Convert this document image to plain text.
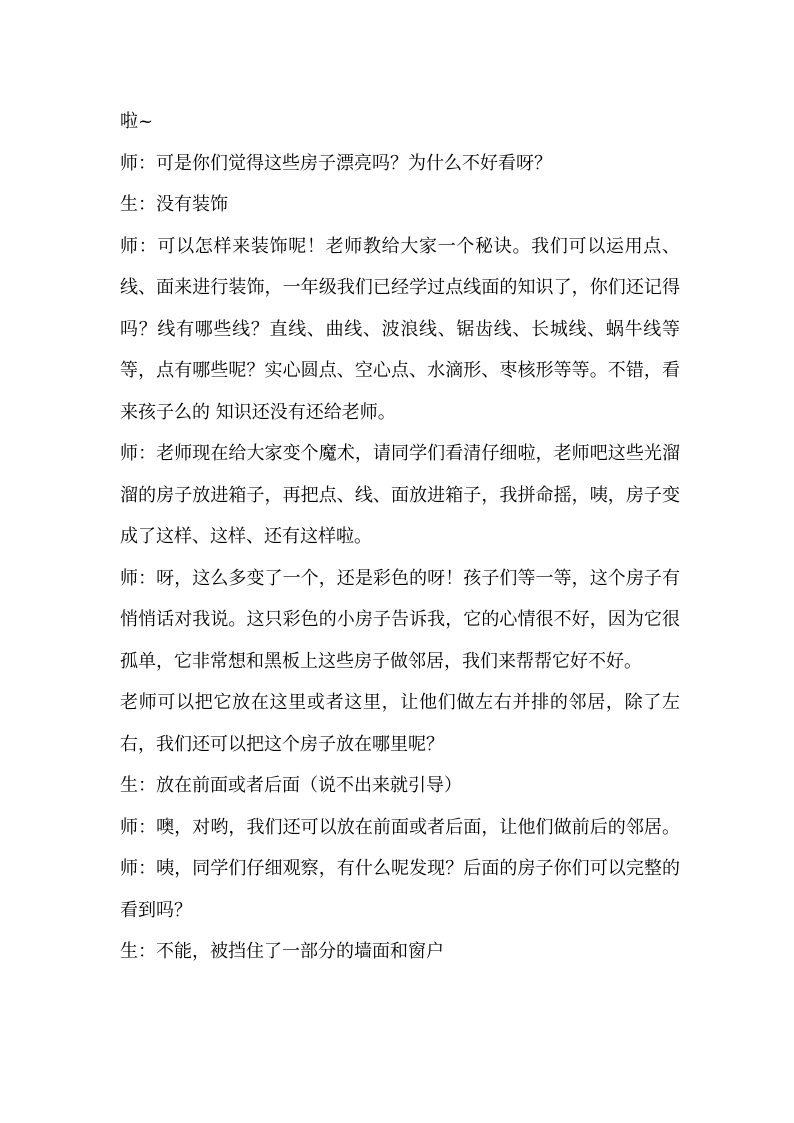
啦~

师：可是你们觉得这些房子漂亮吗？为什么不好看呀？

生：没有装饰

师：可以怎样来装饰呢！老师教给大家一个秘诀。我们可以运用点、线、面来进行装饰，一年级我们已经学过点线面的知识了，你们还记得吗？线有哪些线？直线、曲线、波浪线、锯齿线、长城线、蜗牛线等等，点有哪些呢？实心圆点、空心点、水滴形、枣核形等等。不错，看来孩子么的 知识还没有还给老师。

师：老师现在给大家变个魔术，请同学们看清仔细啦，老师吧这些光溜溜的房子放进箱子，再把点、线、面放进箱子，我拼命摇，咦，房子变成了这样、这样、还有这样啦。

师：呀，这么多变了一个，还是彩色的呀！孩子们等一等，这个房子有悄悄话对我说。这只彩色的小房子告诉我，它的心情很不好，因为它很孤单，它非常想和黑板上这些房子做邻居，我们来帮帮它好不好。

老师可以把它放在这里或者这里，让他们做左右并排的邻居，除了左右，我们还可以把这个房子放在哪里呢？

生：放在前面或者后面（说不出来就引导）

师：噢，对哟，我们还可以放在前面或者后面，让他们做前后的邻居。师：咦，同学们仔细观察，有什么呢发现？后面的房子你们可以完整的看到吗？

生：不能，被挡住了一部分的墙面和窗户
